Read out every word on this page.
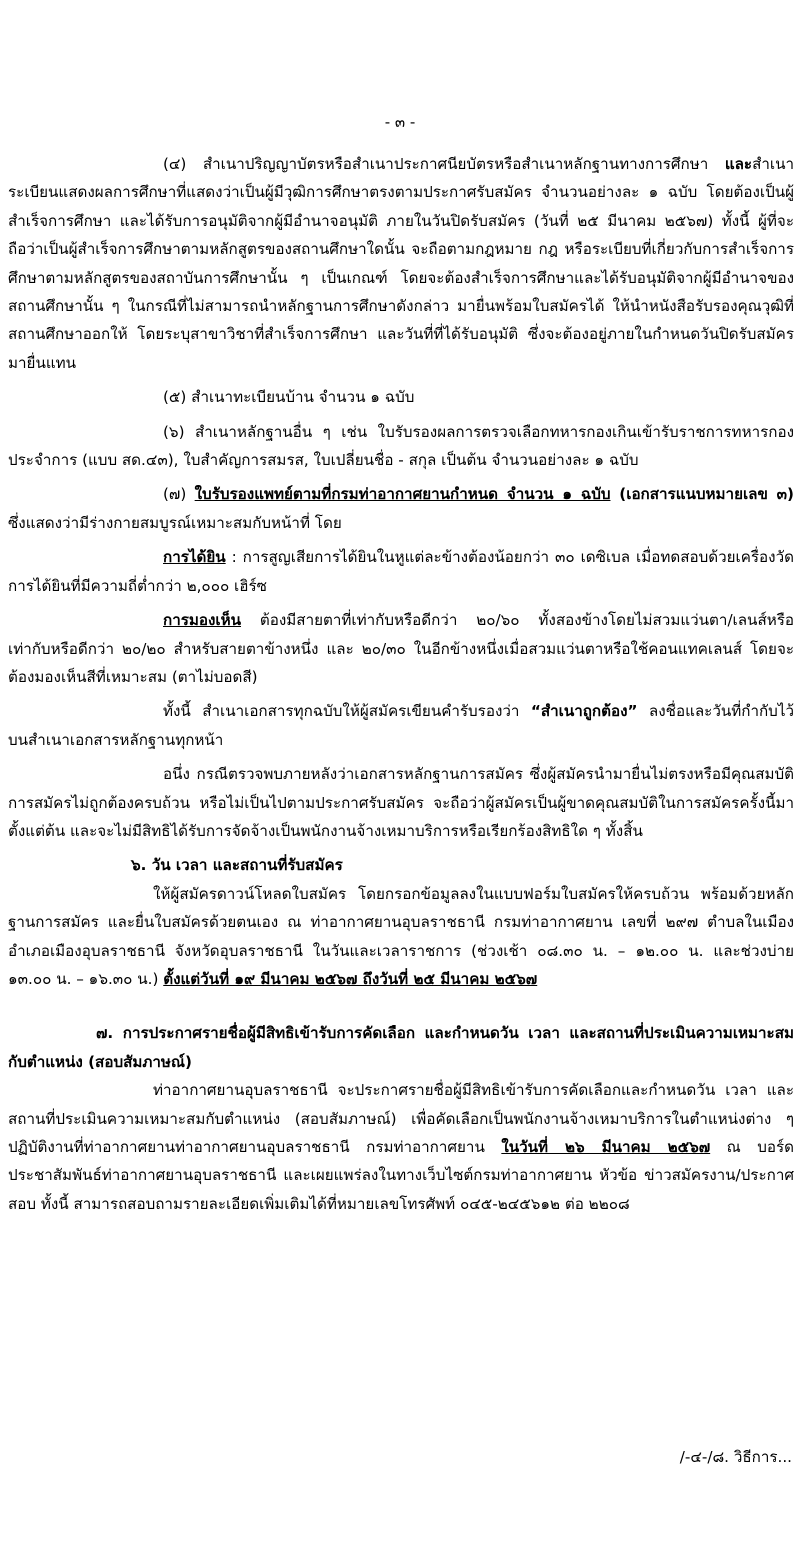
- ๓ -

(๔) สำเนาปริญญาบัตรหรือสำเนาประกาศนียบัตรหรือสำเนาหลักฐานทางการศึกษา และสำเนาระเบียนแสดงผลการศึกษาที่แสดงว่าเป็นผู้มีวุฒิการศึกษาตรงตามประกาศรับสมัคร จำนวนอย่างละ ๑ ฉบับ โดยต้องเป็นผู้สำเร็จการศึกษา และได้รับการอนุมัติจากผู้มีอำนาจอนุมัติ ภายในวันปิดรับสมัคร (วันที่ ๒๕ มีนาคม ๒๕๖๗) ทั้งนี้ ผู้ที่จะถือว่าเป็นผู้สำเร็จการศึกษาตามหลักสูตรของสถานศึกษาใดนั้น จะถือตามกฎหมาย กฎ หรือระเบียบที่เกี่ยวกับการสำเร็จการศึกษาตามหลักสูตรของสถาบันการศึกษานั้น ๆ เป็นเกณฑ์ โดยจะต้องสำเร็จการศึกษาและได้รับอนุมัติจากผู้มีอำนาจของสถานศึกษานั้น ๆ ในกรณีที่ไม่สามารถนำหลักฐานการศึกษาดังกล่าว มายื่นพร้อมใบสมัครได้ ให้นำหนังสือรับรองคุณวุฒิที่สถานศึกษาออกให้ โดยระบุสาขาวิชาที่สำเร็จการศึกษา และวันที่ที่ได้รับอนุมัติ ซึ่งจะต้องอยู่ภายในกำหนดวันปิดรับสมัครมายื่นแทน

(๕) สำเนาทะเบียนบ้าน จำนวน ๑ ฉบับ

(๖) สำเนาหลักฐานอื่น ๆ เช่น ใบรับรองผลการตรวจเลือกทหารกองเกินเข้ารับราชการทหารกองประจำการ (แบบ สด.๔๓), ใบสำคัญการสมรส, ใบเปลี่ยนชื่อ - สกุล เป็นต้น จำนวนอย่างละ ๑ ฉบับ

(๗) ใบรับรองแพทย์ตามที่กรมท่าอากาศยานกำหนด จำนวน ๑ ฉบับ (เอกสารแนบหมายเลข ๓) ซึ่งแสดงว่ามีร่างกายสมบูรณ์เหมาะสมกับหน้าที่ โดย

การได้ยิน : การสูญเสียการได้ยินในหูแต่ละข้างต้องน้อยกว่า ๓๐ เดซิเบล เมื่อทดสอบด้วยเครื่องวัดการได้ยินที่มีความถี่ต่ำกว่า ๒,๐๐๐ เฮิร์ซ

การมองเห็น ต้องมีสายตาที่เท่ากับหรือดีกว่า ๒๐/๖๐ ทั้งสองข้างโดยไม่สวมแว่นตา/เลนส์หรือเท่ากับหรือดีกว่า ๒๐/๒๐ สำหรับสายตาข้างหนึ่ง และ ๒๐/๓๐ ในอีกข้างหนึ่งเมื่อสวมแว่นตาหรือใช้คอนแทคเลนส์ โดยจะต้องมองเห็นสีที่เหมาะสม (ตาไม่บอดสี)

ทั้งนี้ สำเนาเอกสารทุกฉบับให้ผู้สมัครเขียนคำรับรองว่า “สำเนาถูกต้อง” ลงชื่อและวันที่กำกับไว้บนสำเนาเอกสารหลักฐานทุกหน้า

อนึ่ง กรณีตรวจพบภายหลังว่าเอกสารหลักฐานการสมัคร ซึ่งผู้สมัครนำมายื่นไม่ตรงหรือมีคุณสมบัติการสมัครไม่ถูกต้องครบถ้วน หรือไม่เป็นไปตามประกาศรับสมัคร จะถือว่าผู้สมัครเป็นผู้ขาดคุณสมบัติในการสมัครครั้งนี้มาตั้งแต่ต้น และจะไม่มีสิทธิได้รับการจัดจ้างเป็นพนักงานจ้างเหมาบริการหรือเรียกร้องสิทธิใด ๆ ทั้งสิ้น

๖. วัน เวลา และสถานที่รับสมัคร

ให้ผู้สมัครดาวน์โหลดใบสมัคร โดยกรอกข้อมูลลงในแบบฟอร์มใบสมัครให้ครบถ้วน พร้อมด้วยหลักฐานการสมัคร และยื่นใบสมัครด้วยตนเอง ณ ท่าอากาศยานอุบลราชธานี กรมท่าอากาศยาน เลขที่ ๒๙๗ ตำบลในเมือง อำเภอเมืองอุบลราชธานี จังหวัดอุบลราชธานี ในวันและเวลาราชการ (ช่วงเช้า ๐๘.๓๐ น. – ๑๒.๐๐ น. และช่วงบ่าย ๑๓.๐๐ น. – ๑๖.๓๐ น.) ตั้งแต่วันที่ ๑๙ มีนาคม ๒๕๖๗ ถึงวันที่ ๒๕ มีนาคม ๒๕๖๗

๗. การประกาศรายชื่อผู้มีสิทธิเข้ารับการคัดเลือก และกำหนดวัน เวลา และสถานที่ประเมินความเหมาะสมกับตำแหน่ง (สอบสัมภาษณ์)

ท่าอากาศยานอุบลราชธานี จะประกาศรายชื่อผู้มีสิทธิเข้ารับการคัดเลือกและกำหนดวัน เวลา และสถานที่ประเมินความเหมาะสมกับตำแหน่ง (สอบสัมภาษณ์) เพื่อคัดเลือกเป็นพนักงานจ้างเหมาบริการในตำแหน่งต่าง ๆ ปฏิบัติงานที่ท่าอากาศยานท่าอากาศยานอุบลราชธานี กรมท่าอากาศยาน ในวันที่ ๒๖ มีนาคม ๒๕๖๗ ณ บอร์ดประชาสัมพันธ์ท่าอากาศยานอุบลราชธานี และเผยแพร่ลงในทางเว็บไซต์กรมท่าอากาศยาน หัวข้อ ข่าวสมัครงาน/ประกาศสอบ ทั้งนี้ สามารถสอบถามรายละเอียดเพิ่มเติมได้ที่หมายเลขโทรศัพท์ ๐๔๕-๒๔๕๖๑๒ ต่อ ๒๒๐๘

/-๔-/๘. วิธีการ...
